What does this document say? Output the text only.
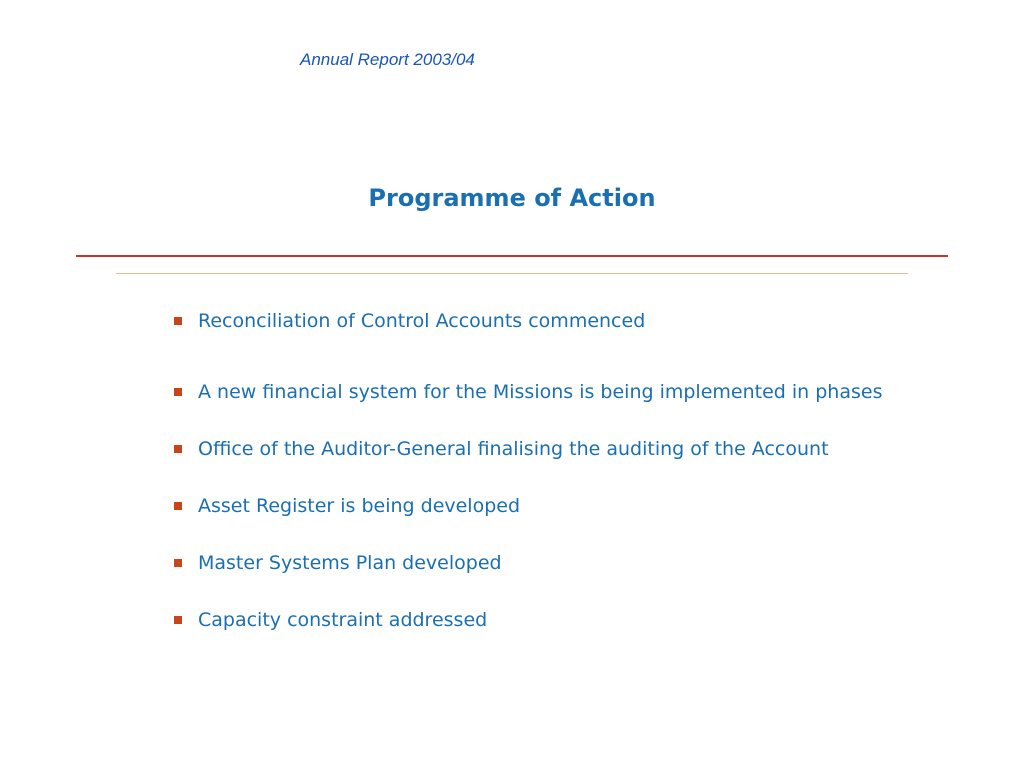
Annual Report 2003/04
Programme of Action
Reconciliation of Control Accounts commenced
A new financial system for the Missions is being implemented in phases
Office of the Auditor-General finalising the auditing of the Account
Asset Register is being developed
Master Systems Plan developed
Capacity constraint addressed
